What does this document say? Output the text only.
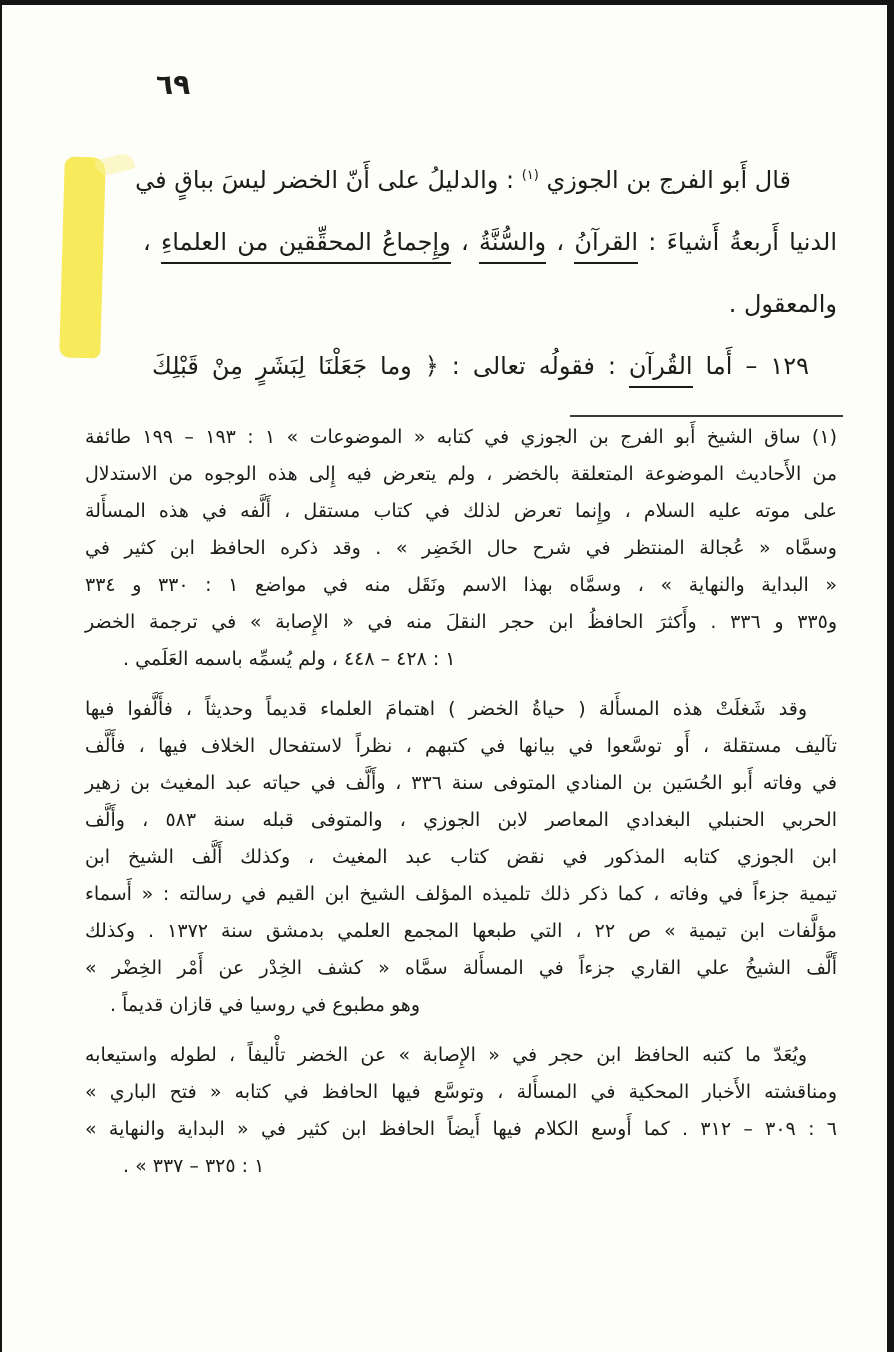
٦٩
قال أَبو الفرج بن الجوزي $^{(١)}$ : والدليلُ على أَنّ الخضر ليسَ بباقٍ في
الدنيا أَربعةُ أَشياءَ : القرآنُ ، والسُّنَّةُ ، وإِجماعُ المحقِّقين من العلماءِ ،
والمعقول .
١٢٩ – أَما القُرآن : فقولُه تعالى : ﴿ وما جَعَلْنَا لِبَشَرٍ مِنْ قَبْلِكَ
(١) ساق الشيخ أَبو الفرج بن الجوزي في كتابه « الموضوعات » ١ : ١٩٣ – ١٩٩ طائفة
من الأَحاديث الموضوعة المتعلقة بالخضر ، ولم يتعرض فيه إِلى هذه الوجوه من الاستدلال
على موته عليه السلام ، وإِنما تعرض لذلك في كتاب مستقل ، أَلَّفه في هذه المسأَلة
وسمَّاه « عُجالة المنتظر في شرح حال الخَضِر » . وقد ذكره الحافظ ابن كثير في
« البداية والنهاية » ، وسمَّاه بهذا الاسم ونَقَل منه في مواضع ١ : ٣٣٠ و ٣٣٤
و٣٣٥ و ٣٣٦ . وأَكثرَ الحافظُ ابن حجر النقلَ منه في « الإِصابة » في ترجمة الخضر
١ : ٤٢٨ – ٤٤٨ ، ولم يُسمِّه باسمه العَلَمي .
وقد شَغلَتْ هذه المسأَلة ( حياةُ الخضر ) اهتمامَ العلماء قديماً وحديثاً ، فأَلَّفوا فيها
تآليف مستقلة ، أَو توسَّعوا في بيانها في كتبهم ، نظراً لاستفحال الخلاف فيها ، فأَلَّف
في وفاته أَبو الحُسَين بن المنادي المتوفى سنة ٣٣٦ ، وأَلَّف في حياته عبد المغيث بن زهير
الحربي الحنبلي البغدادي المعاصر لابن الجوزي ، والمتوفى قبله سنة ٥٨٣ ، وأَلَّف
ابن الجوزي كتابه المذكور في نقض كتاب عبد المغيث ، وكذلك أَلَّف الشيخ ابن
تيمية جزءاً في وفاته ، كما ذكر ذلك تلميذه المؤلف الشيخ ابن القيم في رسالته : « أَسماء
مؤلَّفات ابن تيمية » ص ٢٢ ، التي طبعها المجمع العلمي بدمشق سنة ١٣٧٢ . وكذلك
أَلَّف الشيخُ علي القاري جزءاً في المسأَلة سمَّاه « كشف الخِدْر عن أَمْر الخِضْر »
وهو مطبوع في روسيا في قازان قديماً .
ويُعَدّ ما كتبه الحافظ ابن حجر في « الإِصابة » عن الخضر تأْليفاً ، لطوله واستيعابه
ومناقشته الأَخبار المحكية في المسأَلة ، وتوسَّع فيها الحافظ في كتابه « فتح الباري »
٦ : ٣٠٩ – ٣١٢ . كما أَوسع الكلام فيها أَيضاً الحافظ ابن كثير في « البداية والنهاية »
١ : ٣٢٥ – ٣٣٧ » .
